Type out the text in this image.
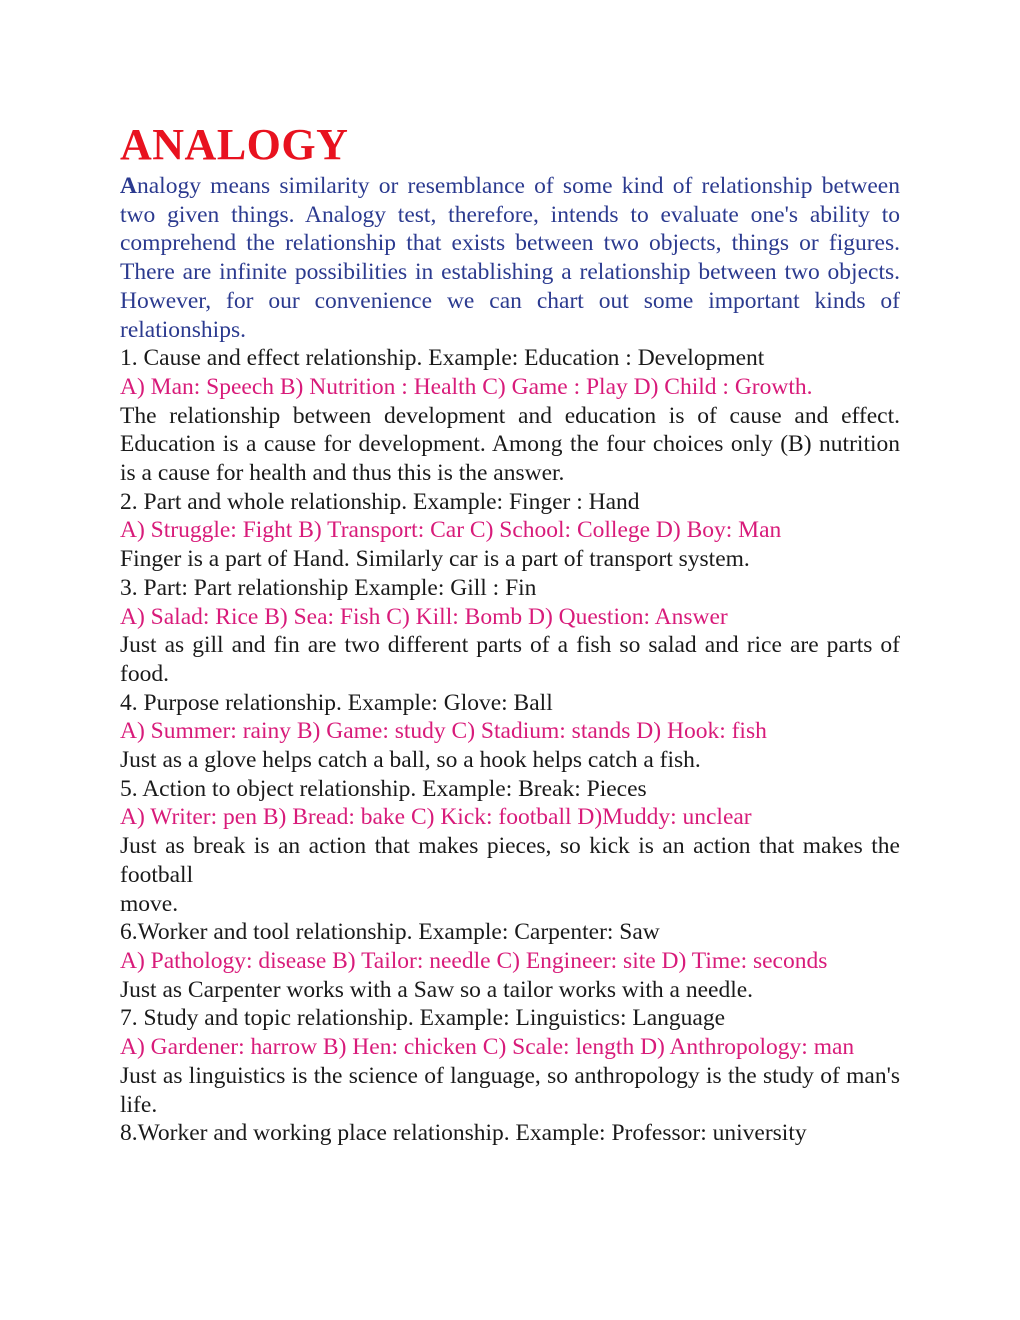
ANALOGY

Analogy means similarity or resemblance of some kind of relationship between two given things. Analogy test, therefore, intends to evaluate one's ability to comprehend the relationship that exists between two objects, things or figures. There are infinite possibilities in establishing a relationship between two objects. However, for our convenience we can chart out some important kinds of relationships.

1. Cause and effect relationship. Example: Education : Development

A) Man: Speech B) Nutrition : Health C) Game : Play D) Child : Growth.

The relationship between development and education is of cause and effect. Education is a cause for development. Among the four choices only (B) nutrition is a cause for health and thus this is the answer.

2. Part and whole relationship. Example: Finger : Hand

A) Struggle: Fight B) Transport: Car C) School: College D) Boy: Man

Finger is a part of Hand. Similarly car is a part of transport system.

3. Part: Part relationship Example: Gill : Fin

A) Salad: Rice B) Sea: Fish C) Kill: Bomb D) Question: Answer

Just as gill and fin are two different parts of a fish so salad and rice are parts of food.

4. Purpose relationship. Example: Glove: Ball

A) Summer: rainy B) Game: study C) Stadium: stands D) Hook: fish

Just as a glove helps catch a ball, so a hook helps catch a fish.

5. Action to object relationship. Example: Break: Pieces

A) Writer: pen B) Bread: bake C) Kick: football D)Muddy: unclear

Just as break is an action that makes pieces, so kick is an action that makes the football

move.

6.Worker and tool relationship. Example: Carpenter: Saw

A) Pathology: disease B) Tailor: needle C) Engineer: site D) Time: seconds

Just as Carpenter works with a Saw so a tailor works with a needle.

7. Study and topic relationship. Example: Linguistics: Language

A) Gardener: harrow B) Hen: chicken C) Scale: length D) Anthropology: man

Just as linguistics is the science of language, so anthropology is the study of man's life.

8.Worker and working place relationship. Example: Professor: university
